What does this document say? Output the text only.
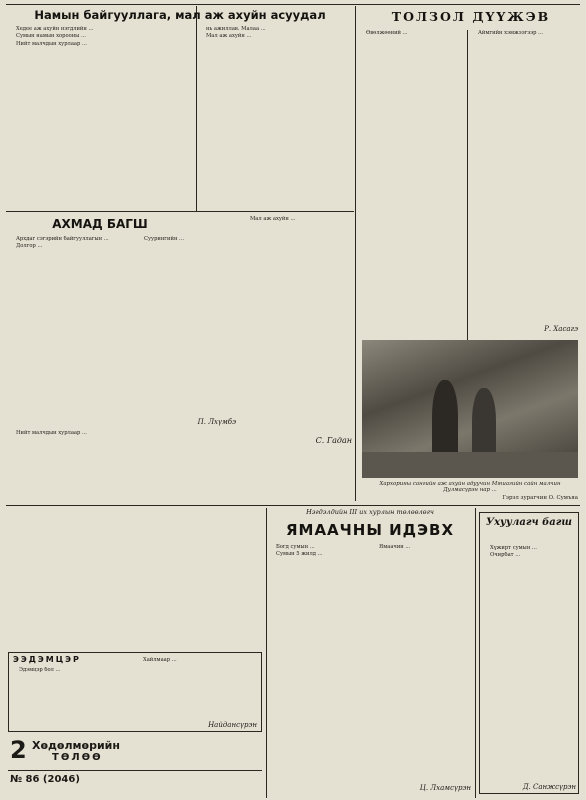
Намын байгууллага, мал аж ахуйн асуудал

Хедее аж ахуйн нэгдлийн ...

Сумын намын хорооны ...

Нийт малчдын хурлаар ...

нь ажиллав. Малаа ...

Мал аж ахуйн ...

ТОЛЗОЛ ДҮҮЖЭВ

Өвөлжөөний ...	Аймгийн хэмжээгээр ...

Р. Хасагэ
Хархорины сангийн аж ахуйн адуучин Мяшагийн сайн малчин Дулмасүрэн нар ...
Гэрэл зурагчин О. Сумъяа
АХМАД БАГШ

Архдаг сэгэрийн байгууллагын ...

Долгор ...

Суурингийн ...

П. Лхүмбэ

Мал аж ахуйн ...

С. Гадан
Нэгдэлдийн III их хурлын төлөөлөгч
ЯМААЧНЫ ИДЭВХ

Богд сумын ...

Сумын 5 жилд ...

Ямаачин ...

Ц. Лхамсүрэн
Ухуулагч багш

Хүжирт сумын ...

Очирбат ...

Д. Санжсүрэн

Нийт малчдын хурлаар ...

ЭЭДЭМЦЭР

Эдэмцэр бол ...

Хайлмаар ...

Найдансүрэн
2 Хөдөлмөрийн
ТӨЛӨӨ
№ 86 (2046)
